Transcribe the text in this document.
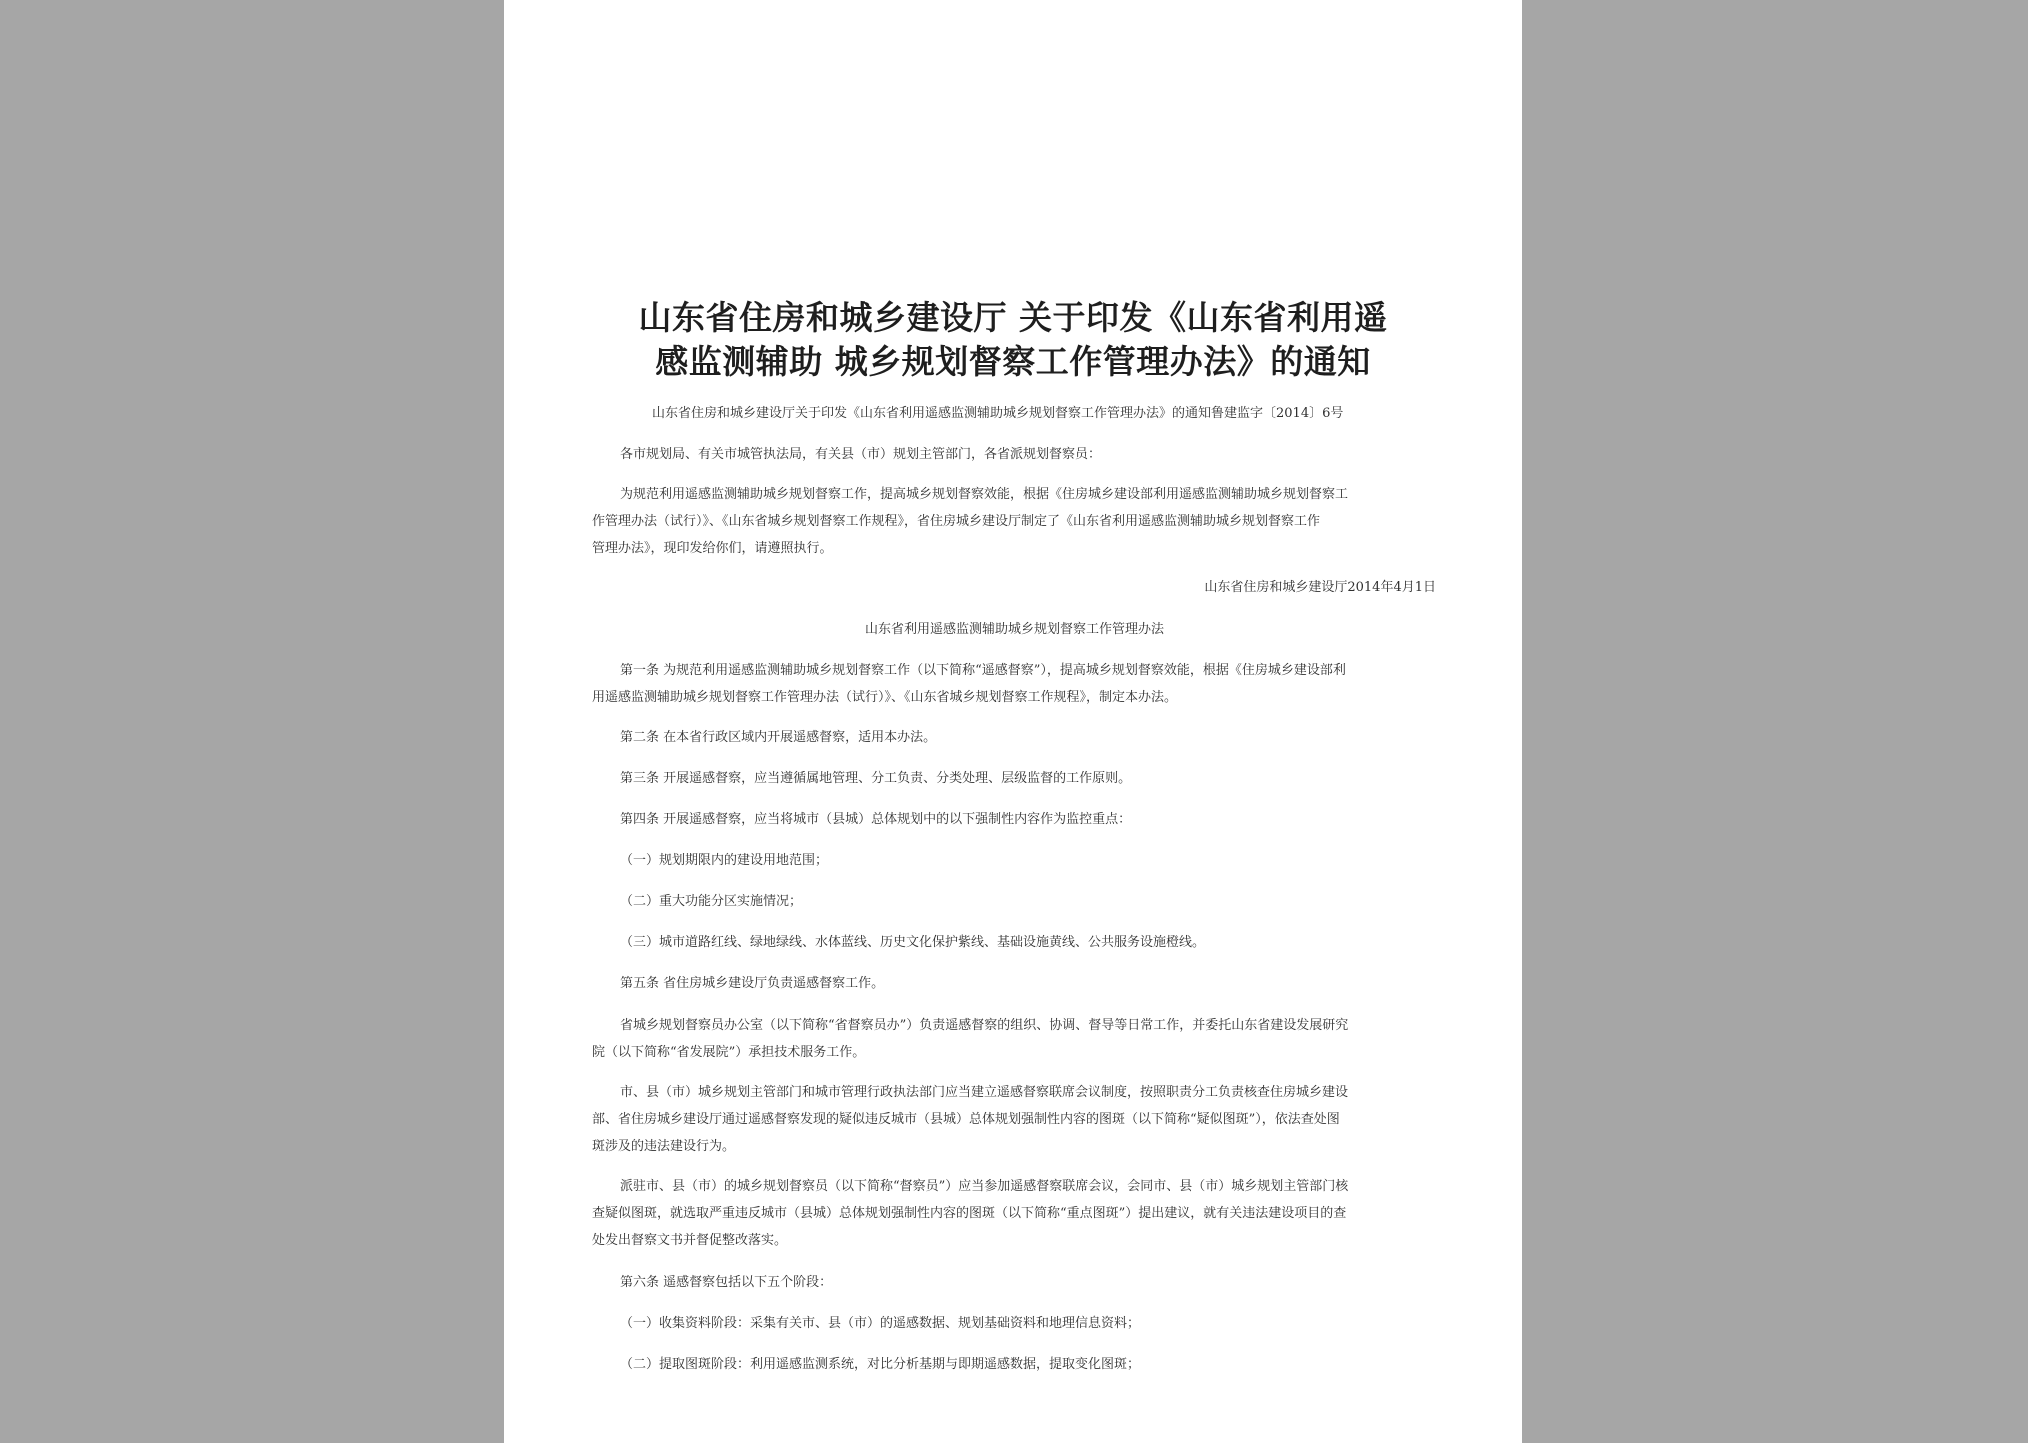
山东省住房和城乡建设厅 关于印发《山东省利用遥
感监测辅助 城乡规划督察工作管理办法》的通知
山东省住房和城乡建设厅关于印发《山东省利用遥感监测辅助城乡规划督察工作管理办法》的通知鲁建监字〔2014〕6号
各市规划局、有关市城管执法局，有关县（市）规划主管部门，各省派规划督察员：
为规范利用遥感监测辅助城乡规划督察工作，提高城乡规划督察效能，根据《住房城乡建设部利用遥感监测辅助城乡规划督察工
作管理办法（试行）》、《山东省城乡规划督察工作规程》，省住房城乡建设厅制定了《山东省利用遥感监测辅助城乡规划督察工作
管理办法》，现印发给你们，请遵照执行。
山东省住房和城乡建设厅2014年4月1日
山东省利用遥感监测辅助城乡规划督察工作管理办法
第一条 为规范利用遥感监测辅助城乡规划督察工作（以下简称“遥感督察”），提高城乡规划督察效能，根据《住房城乡建设部利
用遥感监测辅助城乡规划督察工作管理办法（试行）》、《山东省城乡规划督察工作规程》，制定本办法。
第二条 在本省行政区域内开展遥感督察，适用本办法。
第三条 开展遥感督察，应当遵循属地管理、分工负责、分类处理、层级监督的工作原则。
第四条 开展遥感督察，应当将城市（县城）总体规划中的以下强制性内容作为监控重点：
（一）规划期限内的建设用地范围；
（二）重大功能分区实施情况；
（三）城市道路红线、绿地绿线、水体蓝线、历史文化保护紫线、基础设施黄线、公共服务设施橙线。
第五条 省住房城乡建设厅负责遥感督察工作。
省城乡规划督察员办公室（以下简称“省督察员办”）负责遥感督察的组织、协调、督导等日常工作，并委托山东省建设发展研究
院（以下简称“省发展院”）承担技术服务工作。
市、县（市）城乡规划主管部门和城市管理行政执法部门应当建立遥感督察联席会议制度，按照职责分工负责核查住房城乡建设
部、省住房城乡建设厅通过遥感督察发现的疑似违反城市（县城）总体规划强制性内容的图斑（以下简称“疑似图斑”），依法查处图
斑涉及的违法建设行为。
派驻市、县（市）的城乡规划督察员（以下简称“督察员”）应当参加遥感督察联席会议，会同市、县（市）城乡规划主管部门核
查疑似图斑，就选取严重违反城市（县城）总体规划强制性内容的图斑（以下简称“重点图斑”）提出建议，就有关违法建设项目的查
处发出督察文书并督促整改落实。
第六条 遥感督察包括以下五个阶段：
（一）收集资料阶段：采集有关市、县（市）的遥感数据、规划基础资料和地理信息资料；
（二）提取图斑阶段：利用遥感监测系统，对比分析基期与即期遥感数据，提取变化图斑；
